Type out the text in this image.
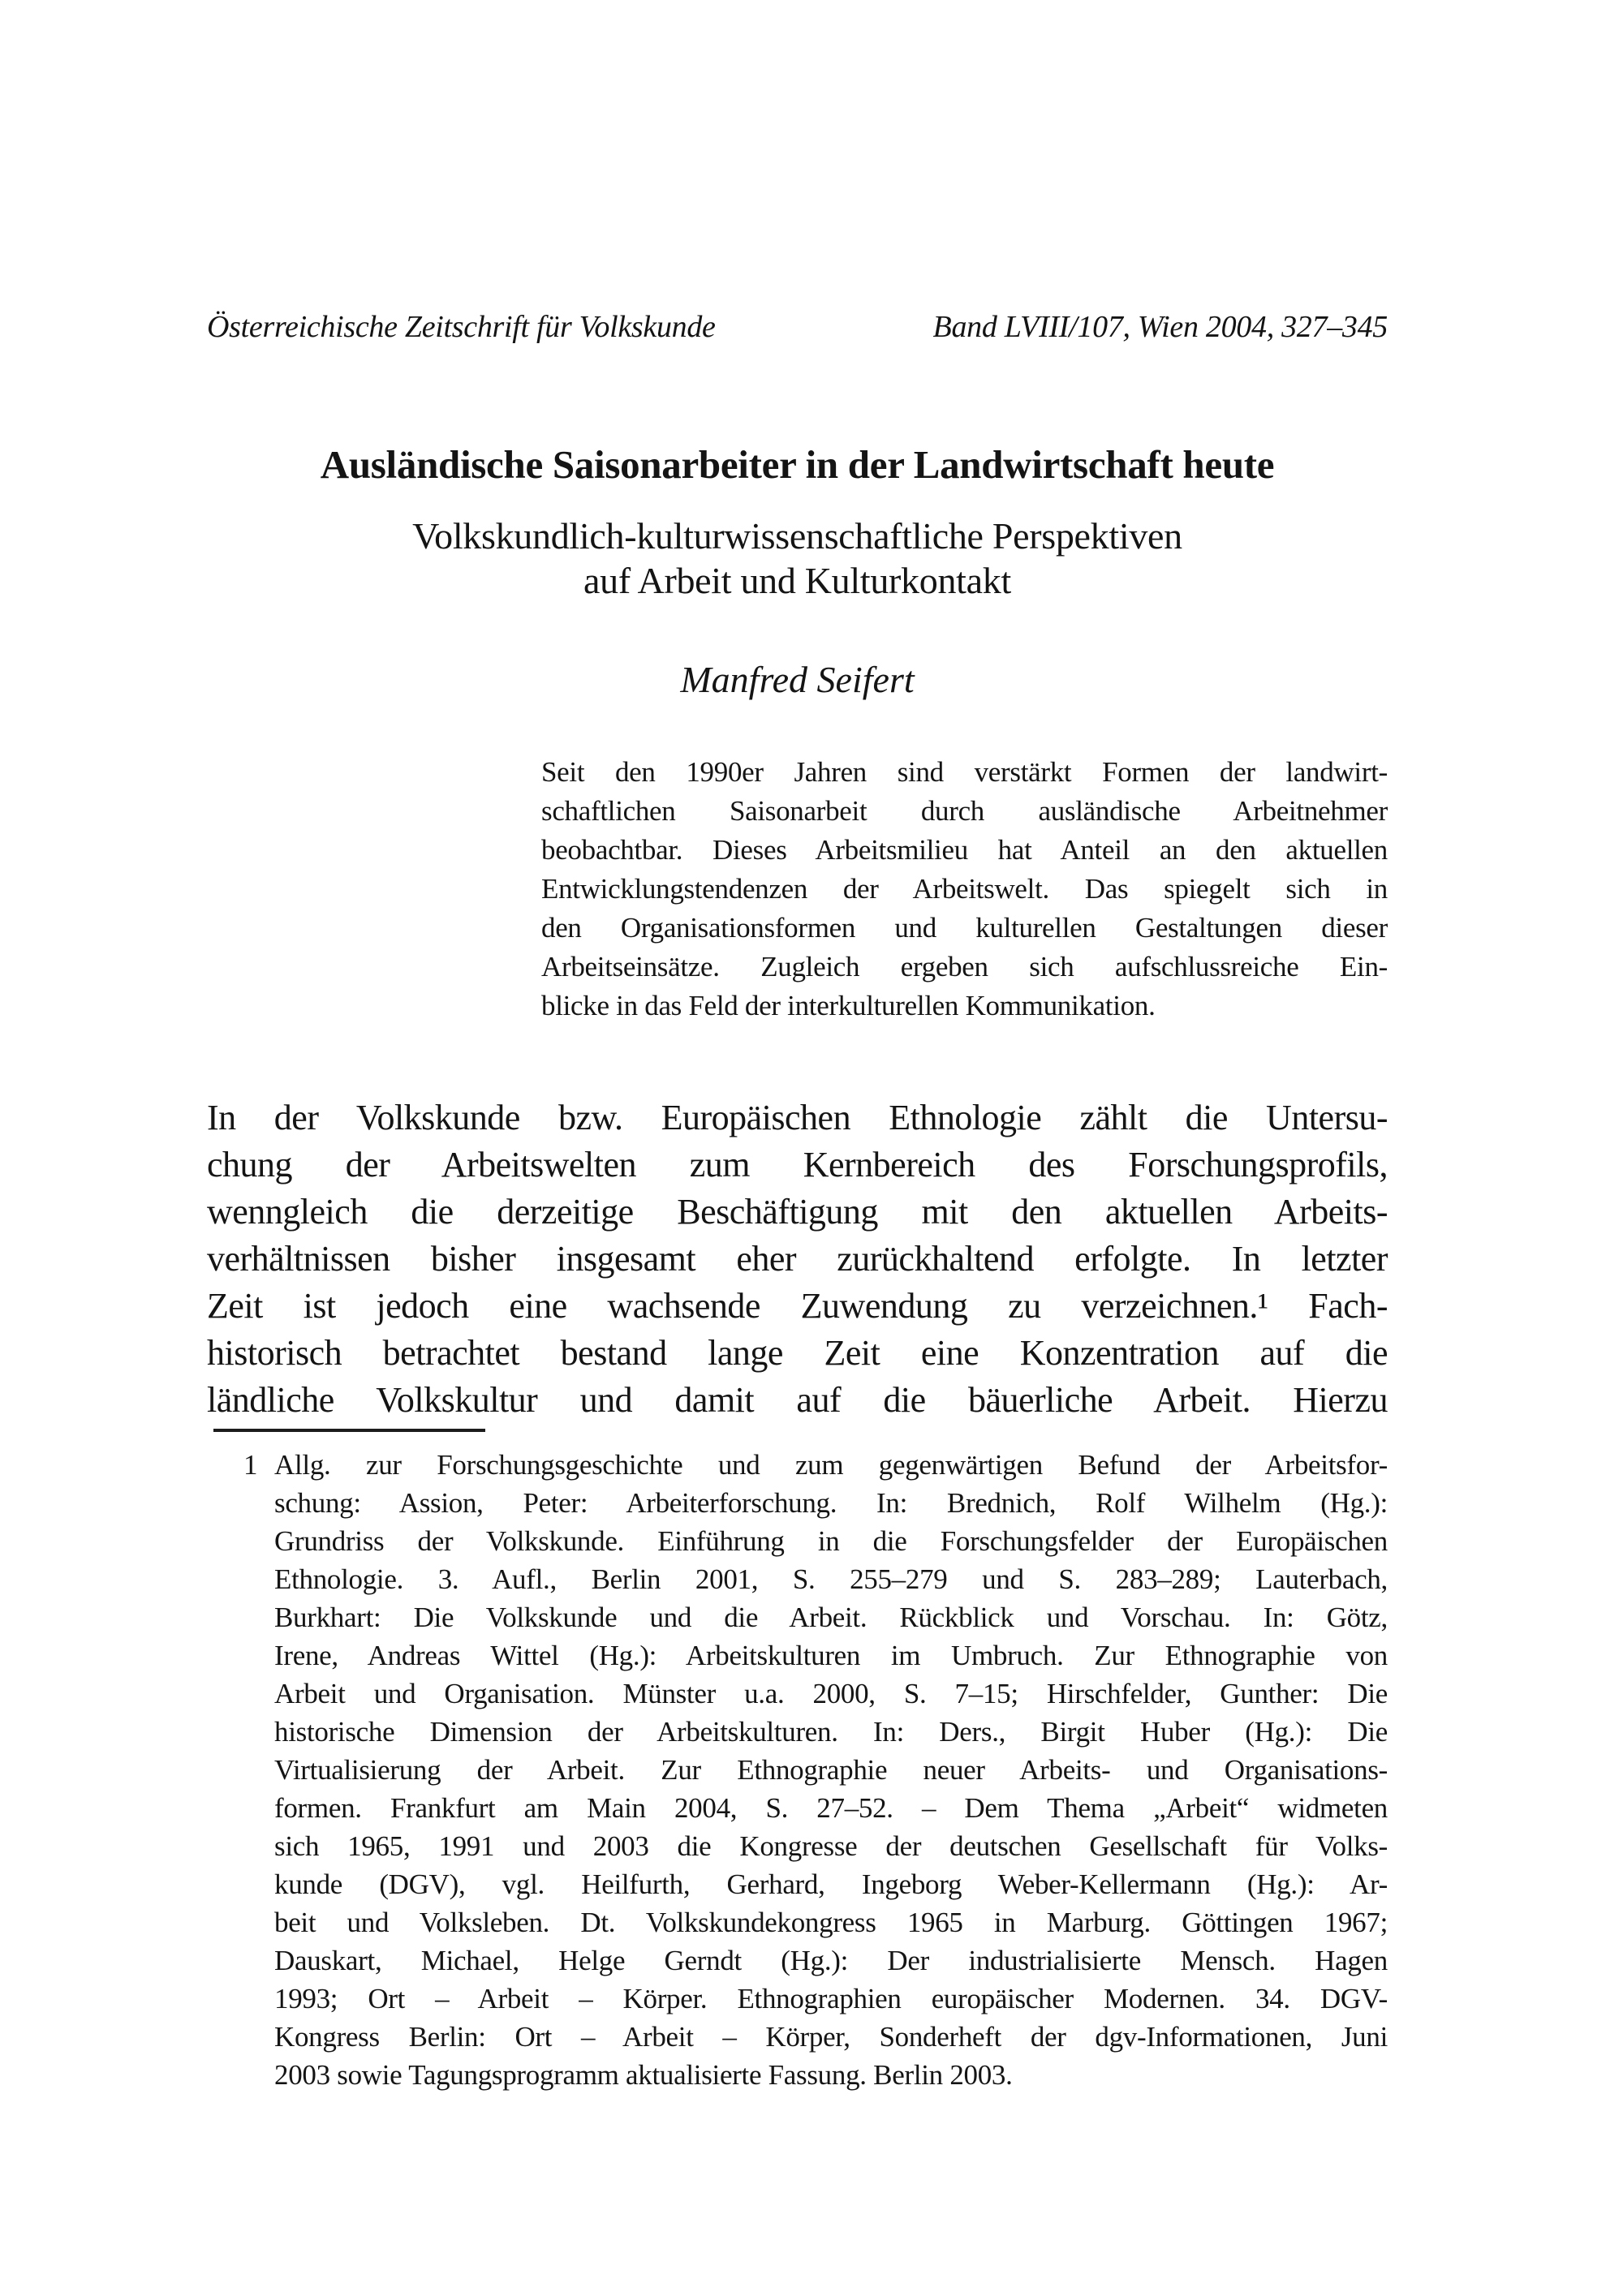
Österreichische Zeitschrift für Volkskunde	Band LVIII/107, Wien 2004, 327–345
Ausländische Saisonarbeiter in der Landwirtschaft heute
Volkskundlich-kulturwissenschaftliche Perspektiven
auf Arbeit und Kulturkontakt
Manfred Seifert
Seit den 1990er Jahren sind verstärkt Formen der landwirt-
schaftlichen Saisonarbeit durch ausländische Arbeitnehmer
beobachtbar. Dieses Arbeitsmilieu hat Anteil an den aktuellen
Entwicklungstendenzen der Arbeitswelt. Das spiegelt sich in
den Organisationsformen und kulturellen Gestaltungen dieser
Arbeitseinsätze. Zugleich ergeben sich aufschlussreiche Ein-
blicke in das Feld der interkulturellen Kommunikation.
In der Volkskunde bzw. Europäischen Ethnologie zählt die Untersu-
chung der Arbeitswelten zum Kernbereich des Forschungsprofils,
wenngleich die derzeitige Beschäftigung mit den aktuellen Arbeits-
verhältnissen bisher insgesamt eher zurückhaltend erfolgte. In letzter
Zeit ist jedoch eine wachsende Zuwendung zu verzeichnen.¹ Fach-
historisch betrachtet bestand lange Zeit eine Konzentration auf die
ländliche Volkskultur und damit auf die bäuerliche Arbeit. Hierzu
1 Allg. zur Forschungsgeschichte und zum gegenwärtigen Befund der Arbeitsfor-
schung: Assion, Peter: Arbeiterforschung. In: Brednich, Rolf Wilhelm (Hg.):
Grundriss der Volkskunde. Einführung in die Forschungsfelder der Europäischen
Ethnologie. 3. Aufl., Berlin 2001, S. 255–279 und S. 283–289; Lauterbach,
Burkhart: Die Volkskunde und die Arbeit. Rückblick und Vorschau. In: Götz,
Irene, Andreas Wittel (Hg.): Arbeitskulturen im Umbruch. Zur Ethnographie von
Arbeit und Organisation. Münster u.a. 2000, S. 7–15; Hirschfelder, Gunther: Die
historische Dimension der Arbeitskulturen. In: Ders., Birgit Huber (Hg.): Die
Virtualisierung der Arbeit. Zur Ethnographie neuer Arbeits- und Organisations-
formen. Frankfurt am Main 2004, S. 27–52. – Dem Thema „Arbeit“ widmeten
sich 1965, 1991 und 2003 die Kongresse der deutschen Gesellschaft für Volks-
kunde (DGV), vgl. Heilfurth, Gerhard, Ingeborg Weber-Kellermann (Hg.): Ar-
beit und Volksleben. Dt. Volkskundekongress 1965 in Marburg. Göttingen 1967;
Dauskart, Michael, Helge Gerndt (Hg.): Der industrialisierte Mensch. Hagen
1993; Ort – Arbeit – Körper. Ethnographien europäischer Modernen. 34. DGV-
Kongress Berlin: Ort – Arbeit – Körper, Sonderheft der dgv-Informationen, Juni
2003 sowie Tagungsprogramm aktualisierte Fassung. Berlin 2003.
